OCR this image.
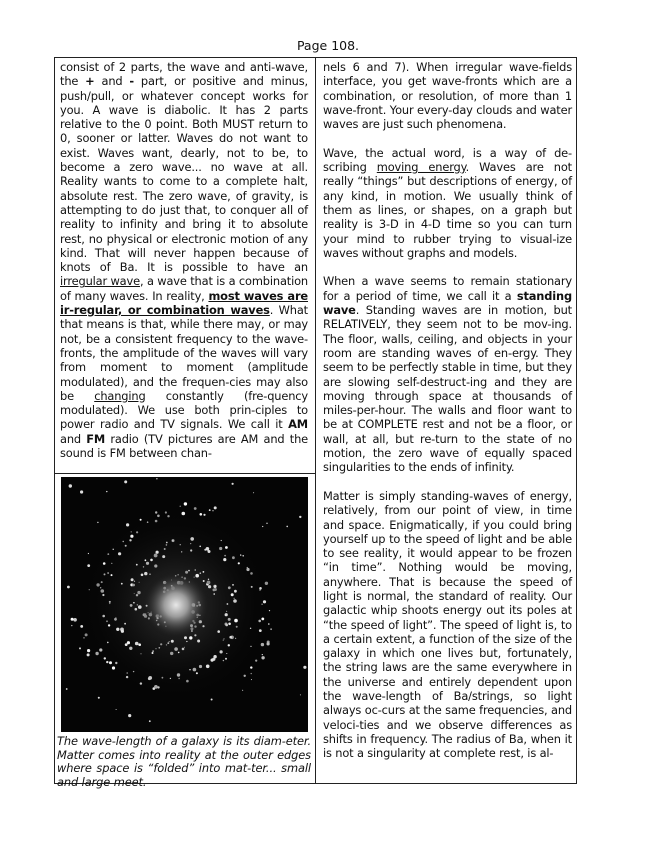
Page 108.

consist of 2 parts, the wave and anti-wave, the + and - part, or positive and minus, push/pull, or whatever concept works for you. A wave is diabolic. It has 2 parts relative to the 0 point. Both MUST return to 0, sooner or latter. Waves do not want to exist. Waves want, dearly, not to be, to become a zero wave... no wave at all. Reality wants to come to a complete halt, absolute rest. The zero wave, of gravity, is attempting to do just that, to conquer all of reality to infinity and bring it to absolute rest, no physical or electronic motion of any kind. That will never happen because of knots of Ba. It is possible to have an irregular wave, a wave that is a combination of many waves. In reality, most waves are ir-regular, or combination waves. What that means is that, while there may, or may not, be a consistent frequency to the wave-fronts, the amplitude of the waves will vary from moment to moment (amplitude modulated), and the frequen-cies may also be changing constantly (fre-quency modulated). We use both prin-ciples to power radio and TV signals. We call it AM and FM radio (TV pictures are AM and the sound is FM between chan-

The wave-length of a galaxy is its diam-eter. Matter comes into reality at the outer edges where space is “folded” into mat-ter... small and large meet.

nels 6 and 7). When irregular wave-fields interface, you get wave-fronts which are a combination, or resolution, of more than 1 wave-front. Your every-day clouds and water waves are just such phenomena.

Wave, the actual word, is a way of de-scribing moving energy. Waves are not really “things” but descriptions of energy, of any kind, in motion. We usually think of them as lines, or shapes, on a graph but reality is 3-D in 4-D time so you can turn your mind to rubber trying to visual-ize waves without graphs and models.

When a wave seems to remain stationary for a period of time, we call it a standing wave. Standing waves are in motion, but RELATIVELY, they seem not to be mov-ing. The floor, walls, ceiling, and objects in your room are standing waves of en-ergy. They seem to be perfectly stable in time, but they are slowing self-destruct-ing and they are moving through space at thousands of miles-per-hour. The walls and floor want to be at COMPLETE rest and not be a floor, or wall, at all, but re-turn to the state of no motion, the zero wave of equally spaced singularities to the ends of infinity.

Matter is simply standing-waves of energy, relatively, from our point of view, in time and space. Enigmatically, if you could bring yourself up to the speed of light and be able to see reality, it would appear to be frozen “in time”. Nothing would be moving, anywhere. That is because the speed of light is normal, the standard of reality. Our galactic whip shoots energy out its poles at “the speed of light”. The speed of light is, to a certain extent, a function of the size of the galaxy in which one lives but, fortunately, the string laws are the same everywhere in the universe and entirely dependent upon the wave-length of Ba/strings, so light always oc-curs at the same frequencies, and veloci-ties and we observe differences as shifts in frequency. The radius of Ba, when it is not a singularity at complete rest, is al-
